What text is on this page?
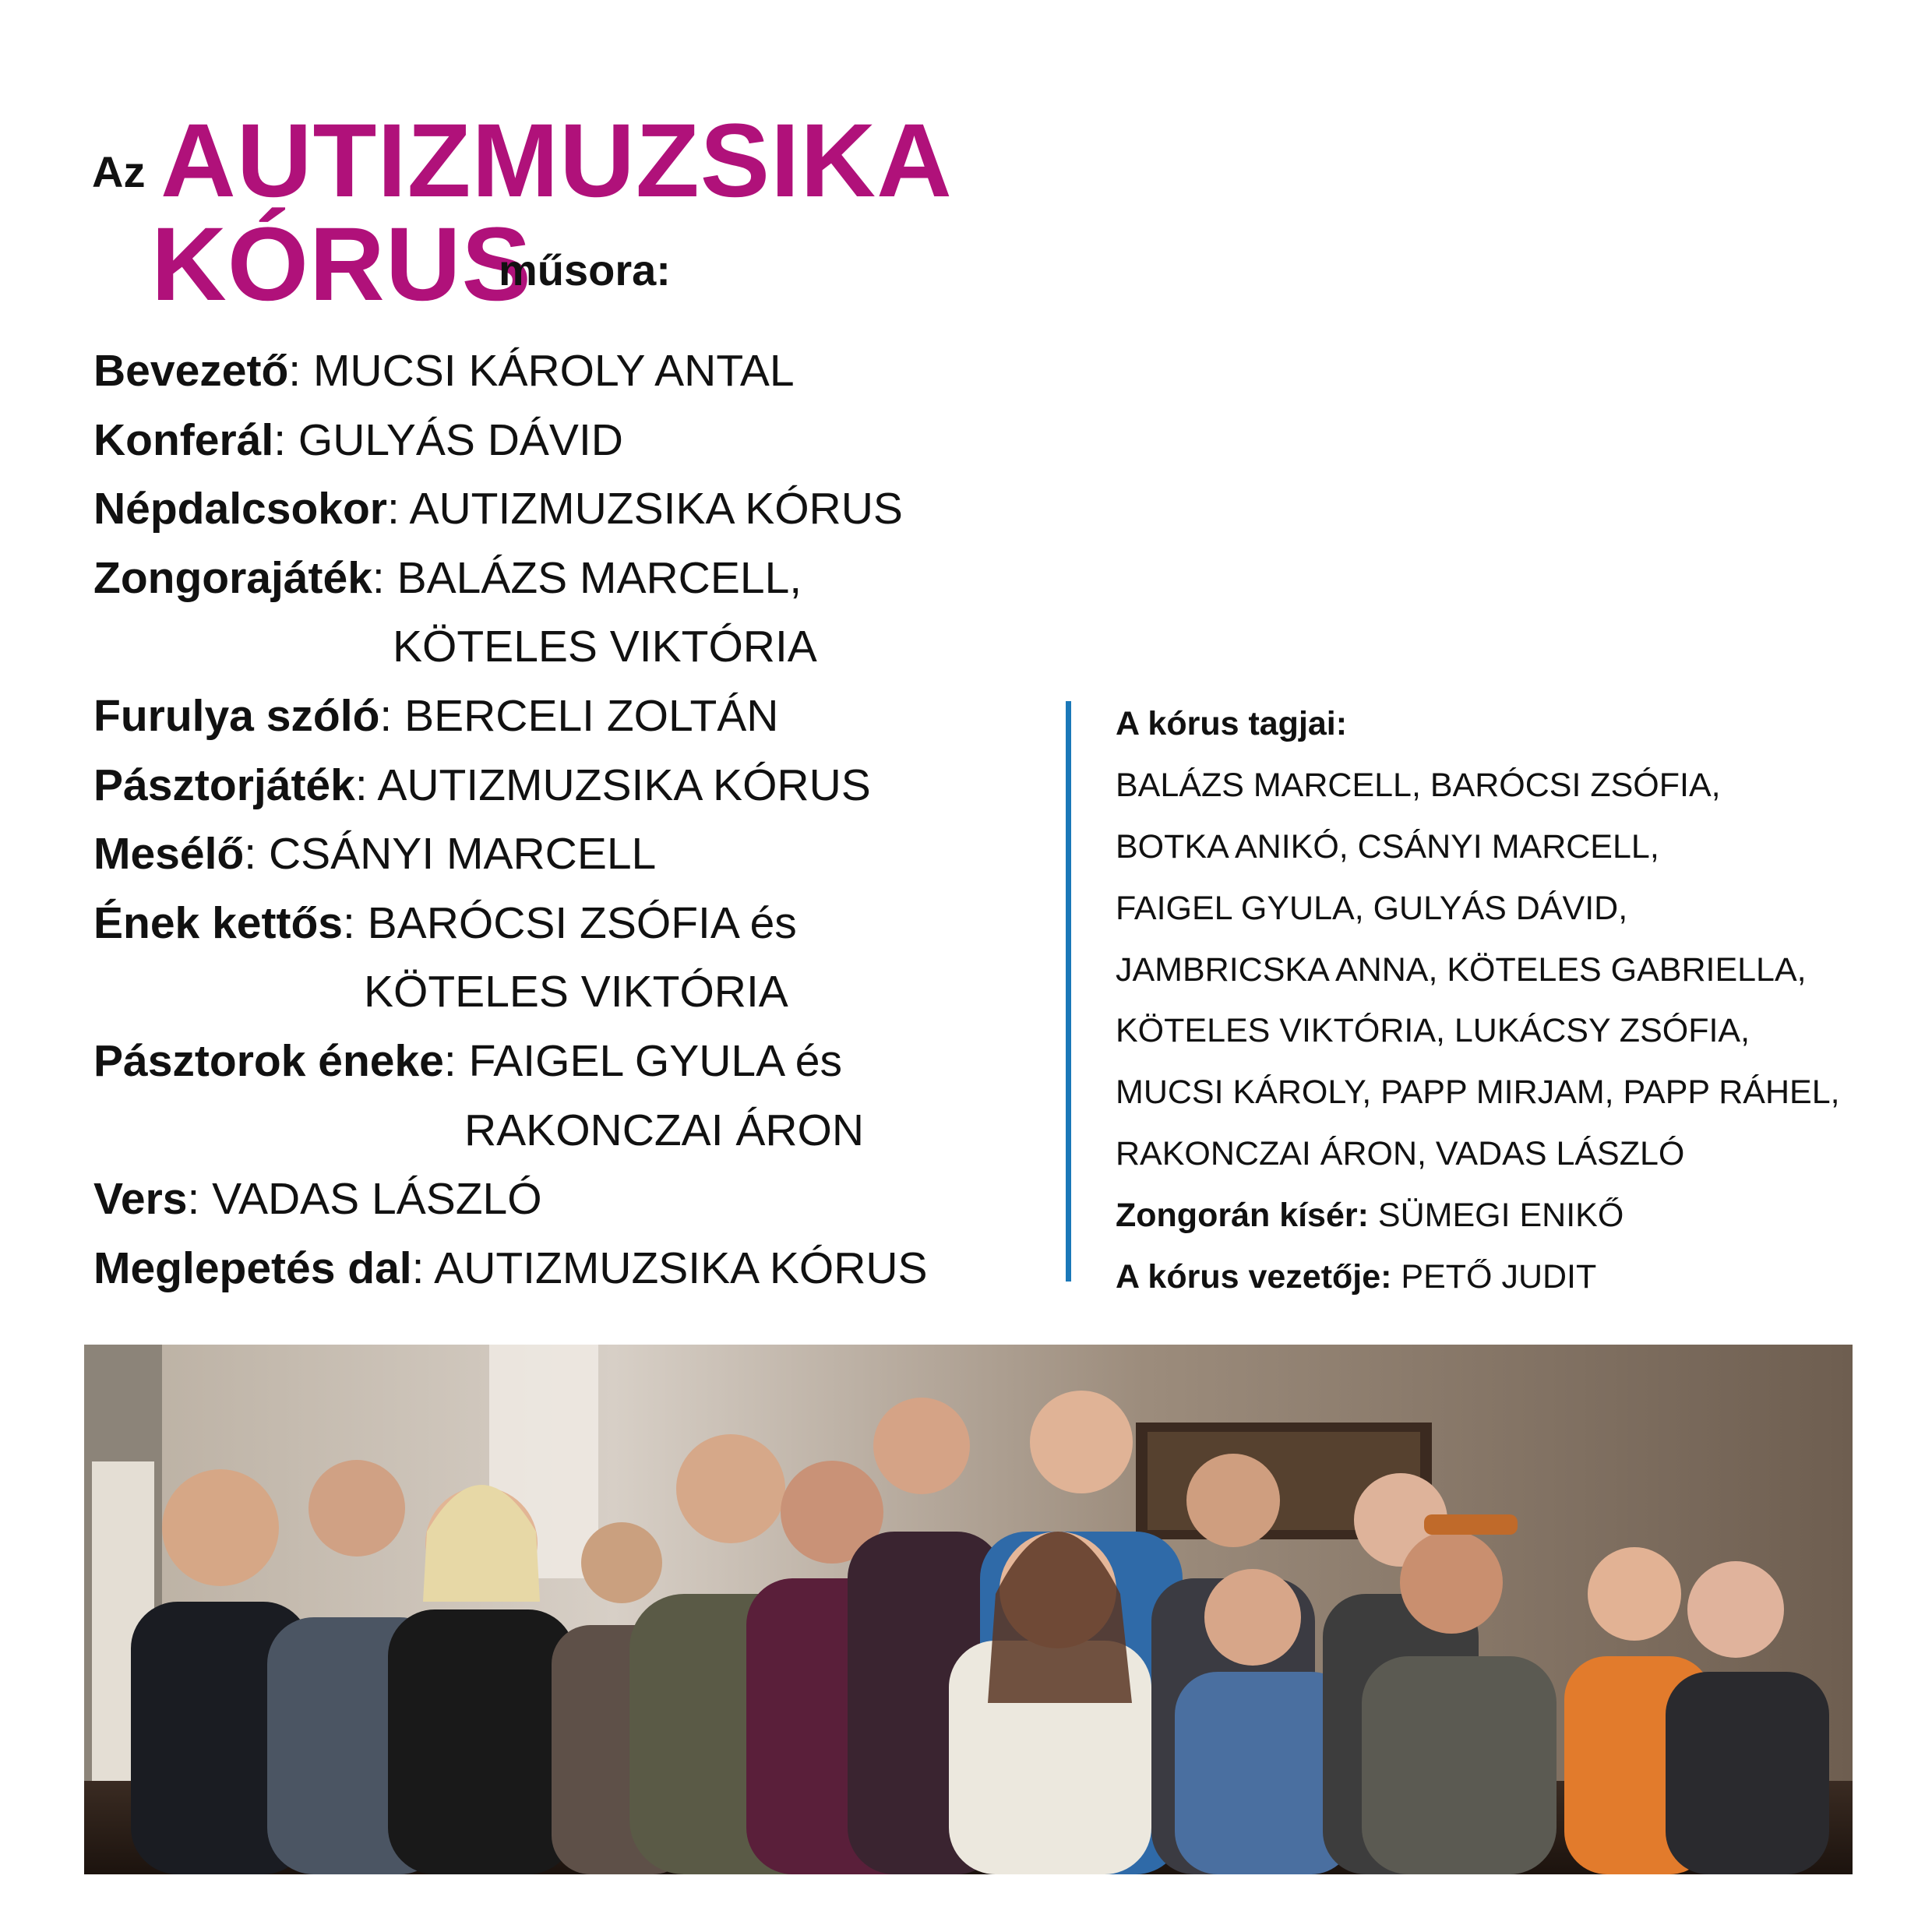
Az AUTIZMUZSIKA
KÓRUS
műsora:
Bevezető: MUCSI KÁROLY ANTAL
Konferál: GULYÁS DÁVID
Népdalcsokor: AUTIZMUZSIKA KÓRUS
Zongorajáték: BALÁZS MARCELL,
KÖTELES VIKTÓRIA
Furulya szóló: BERCELI ZOLTÁN
Pásztorjáték: AUTIZMUZSIKA KÓRUS
Mesélő: CSÁNYI MARCELL
Ének kettős: BARÓCSI ZSÓFIA és
KÖTELES VIKTÓRIA
Pásztorok éneke: FAIGEL GYULA és
RAKONCZAI ÁRON
Vers: VADAS LÁSZLÓ
Meglepetés dal: AUTIZMUZSIKA KÓRUS
A kórus tagjai:
BALÁZS MARCELL, BARÓCSI ZSÓFIA,
BOTKA ANIKÓ, CSÁNYI MARCELL,
FAIGEL GYULA, GULYÁS DÁVID,
JAMBRICSKA ANNA, KÖTELES GABRIELLA,
KÖTELES VIKTÓRIA, LUKÁCSY ZSÓFIA,
MUCSI KÁROLY, PAPP MIRJAM, PAPP RÁHEL,
RAKONCZAI ÁRON, VADAS LÁSZLÓ
Zongorán kísér: SÜMEGI ENIKŐ
A kórus vezetője: PETŐ JUDIT
